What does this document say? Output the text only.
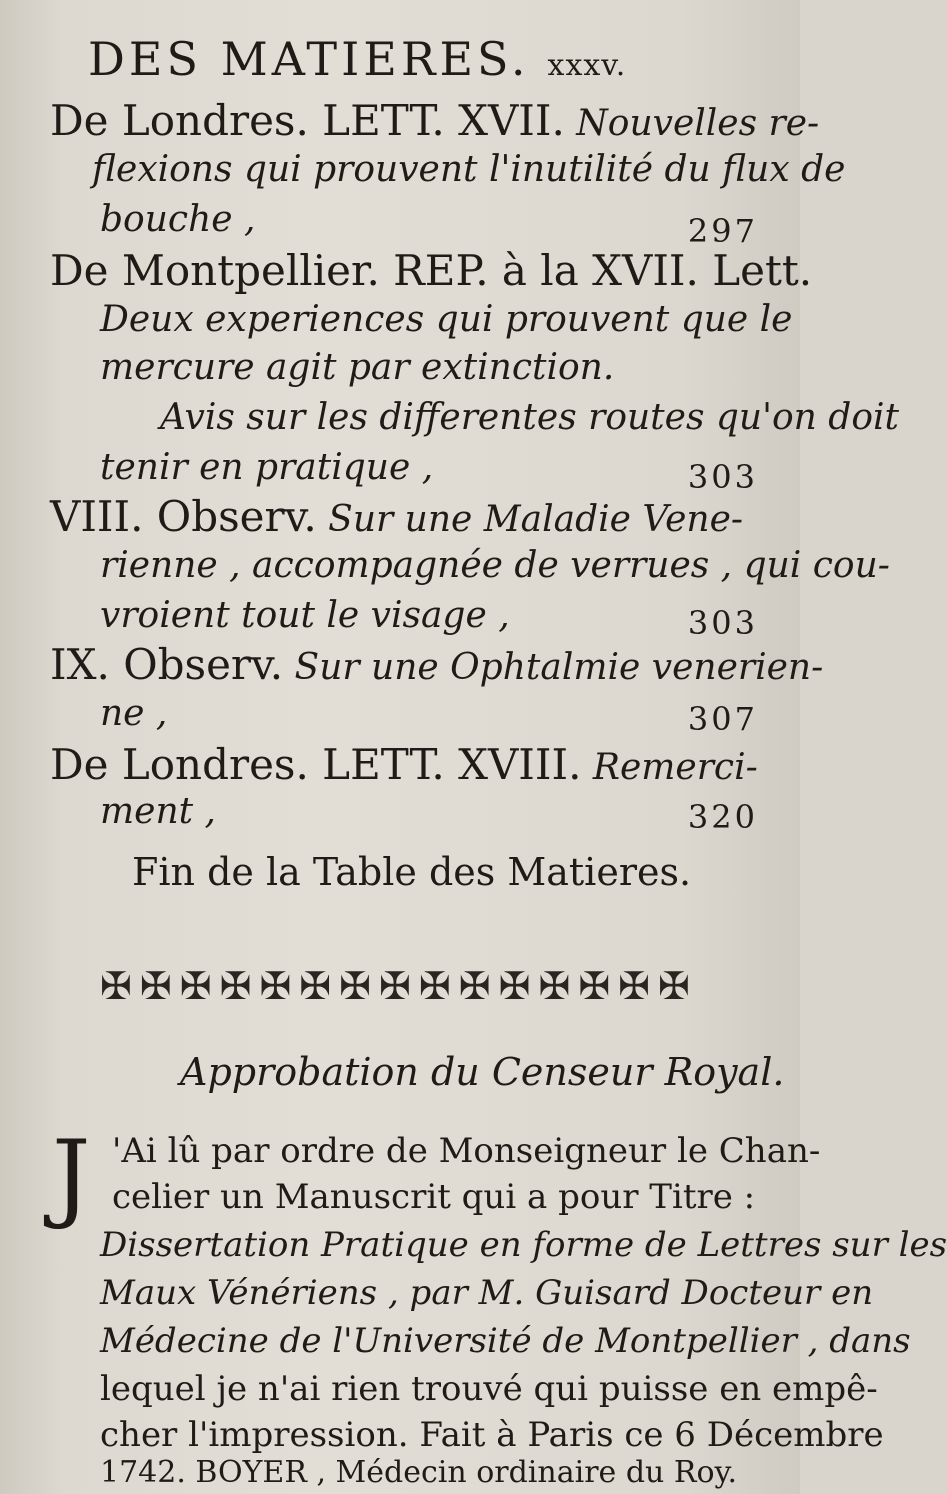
DES MATIERES. xxxv.
De Londres. LETT. XVII. Nouvelles re-
flexions qui prouvent l'inutilité du flux de
bouche ,	297
De Montpellier. REP. à la XVII. Lett.
Deux experiences qui prouvent que le
mercure agit par extinction.
Avis sur les differentes routes qu'on doit
tenir en pratique ,	303
VIII. Observ. Sur une Maladie Vene-
rienne , accompagnée de verrues , qui cou-
vroient tout le visage ,	303
IX. Observ. Sur une Ophtalmie venerien-
ne ,	307
De Londres. LETT. XVIII. Remerci-
ment ,	320
Fin de la Table des Matieres.
✠ ✠ ✠ ✠ ✠ ✠ ✠ ✠ ✠ ✠ ✠ ✠ ✠ ✠ ✠
Approbation du Censeur Royal.
J 'Ai lû par ordre de Monseigneur le Chan-
celier un Manuscrit qui a pour Titre :
Dissertation Pratique en forme de Lettres sur les
Maux Vénériens , par M. Guisard Docteur en
Médecine de l'Université de Montpellier , dans
lequel je n'ai rien trouvé qui puisse en empê-
cher l'impression. Fait à Paris ce 6 Décembre
1742. BOYER , Médecin ordinaire du Roy.
